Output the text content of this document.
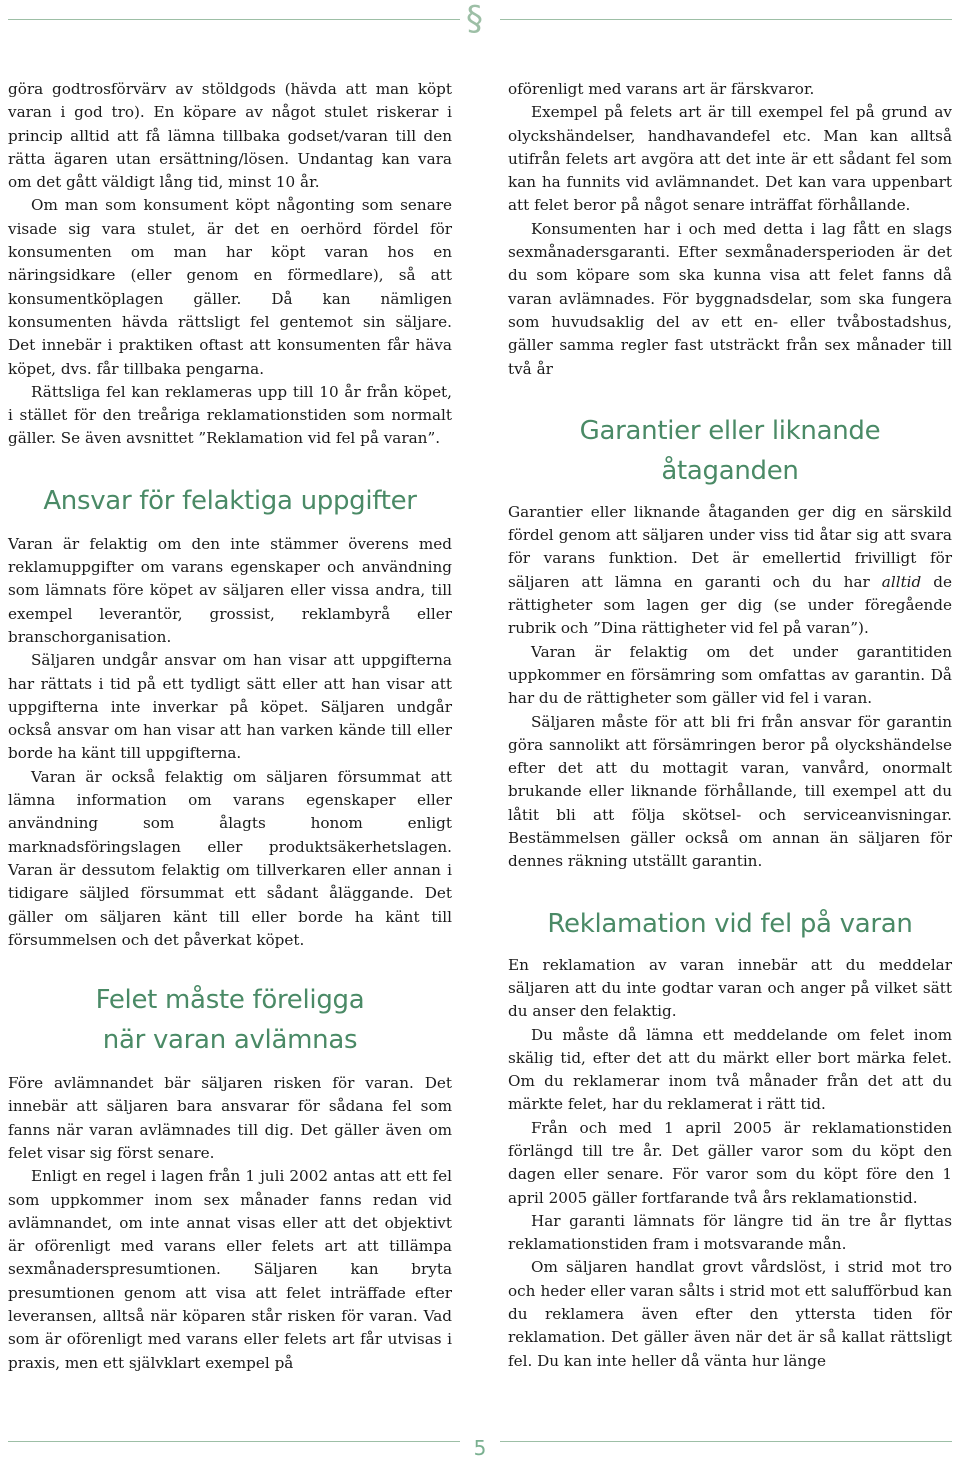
§

göra godtrosförvärv av stöldgods (hävda att man köpt varan i god tro). En köpare av något stulet riskerar i princip alltid att få lämna tillbaka godset/varan till den rätta ägaren utan ersättning/lösen. Undantag kan vara om det gått väldigt lång tid, minst 10 år.

Om man som konsument köpt någonting som senare visade sig vara stulet, är det en oerhörd fördel för konsumenten om man har köpt varan hos en näringsidkare (eller genom en förmedlare), så att konsumentköplagen gäller. Då kan nämligen konsumenten hävda rättsligt fel gentemot sin säljare. Det innebär i praktiken oftast att konsumenten får häva köpet, dvs. får tillbaka pengarna.

Rättsliga fel kan reklameras upp till 10 år från köpet, i stället för den treåriga reklamationstiden som normalt gäller. Se även avsnittet ”Reklamation vid fel på varan”.

Ansvar för felaktiga uppgifter

Varan är felaktig om den inte stämmer överens med reklamuppgifter om varans egenskaper och användning som lämnats före köpet av säljaren eller vissa andra, till exempel leverantör, grossist, reklambyrå eller branschorganisation.

Säljaren undgår ansvar om han visar att uppgifterna har rättats i tid på ett tydligt sätt eller att han visar att uppgifterna inte inverkar på köpet. Säljaren undgår också ansvar om han visar att han varken kände till eller borde ha känt till uppgifterna.

Varan är också felaktig om säljaren försummat att lämna information om varans egenskaper eller användning som ålagts honom enligt marknadsföringslagen eller produktsäkerhetslagen. Varan är dessutom felaktig om tillverkaren eller annan i tidigare säljled försummat ett sådant åläggande. Det gäller om säljaren känt till eller borde ha känt till försummelsen och det påverkat köpet.

Felet måste föreligga
när varan avlämnas

Före avlämnandet bär säljaren risken för varan. Det innebär att säljaren bara ansvarar för sådana fel som fanns när varan avlämnades till dig. Det gäller även om felet visar sig först senare.

Enligt en regel i lagen från 1 juli 2002 antas att ett fel som uppkommer inom sex månader fanns redan vid avlämnandet, om inte annat visas eller att det objektivt är oförenligt med varans eller felets art att tillämpa sexmånaderspresumtionen. Säljaren kan bryta presumtionen genom att visa att felet inträffade efter leveransen, alltså när köparen står risken för varan. Vad som är oförenligt med varans eller felets art får utvisas i praxis, men ett självklart exempel på

oförenligt med varans art är färskvaror.

Exempel på felets art är till exempel fel på grund av olyckshändelser, handhavandefel etc. Man kan alltså utifrån felets art avgöra att det inte är ett sådant fel som kan ha funnits vid avlämnandet. Det kan vara uppenbart att felet beror på något senare inträffat förhållande.

Konsumenten har i och med detta i lag fått en slags sexmånadersgaranti. Efter sexmånadersperioden är det du som köpare som ska kunna visa att felet fanns då varan avlämnades. För byggnadsdelar, som ska fungera som huvudsaklig del av ett en- eller tvåbostadshus, gäller samma regler fast utsträckt från sex månader till två år

Garantier eller liknande
åtaganden

Garantier eller liknande åtaganden ger dig en särskild fördel genom att säljaren under viss tid åtar sig att svara för varans funktion. Det är emellertid frivilligt för säljaren att lämna en garanti och du har alltid de rättigheter som lagen ger dig (se under föregående rubrik och ”Dina rättigheter vid fel på varan”).

Varan är felaktig om det under garantitiden uppkommer en försämring som omfattas av garantin. Då har du de rättigheter som gäller vid fel i varan.

Säljaren måste för att bli fri från ansvar för garantin göra sannolikt att försämringen beror på olyckshändelse efter det att du mottagit varan, vanvård, onormalt brukande eller liknande förhållande, till exempel att du låtit bli att följa skötsel- och serviceanvisningar. Bestämmelsen gäller också om annan än säljaren för dennes räkning utställt garantin.

Reklamation vid fel på varan

En reklamation av varan innebär att du meddelar säljaren att du inte godtar varan och anger på vilket sätt du anser den felaktig.

Du måste då lämna ett meddelande om felet inom skälig tid, efter det att du märkt eller bort märka felet. Om du reklamerar inom två månader från det att du märkte felet, har du reklamerat i rätt tid.

Från och med 1 april 2005 är reklamationstiden förlängd till tre år. Det gäller varor som du köpt den dagen eller senare. För varor som du köpt före den 1 april 2005 gäller fortfarande två års reklamationstid.

Har garanti lämnats för längre tid än tre år flyttas reklamationstiden fram i motsvarande mån.

Om säljaren handlat grovt vårdslöst, i strid mot tro och heder eller varan sålts i strid mot ett salufförbud kan du reklamera även efter den yttersta tiden för reklamation. Det gäller även när det är så kallat rättsligt fel. Du kan inte heller då vänta hur länge

5
